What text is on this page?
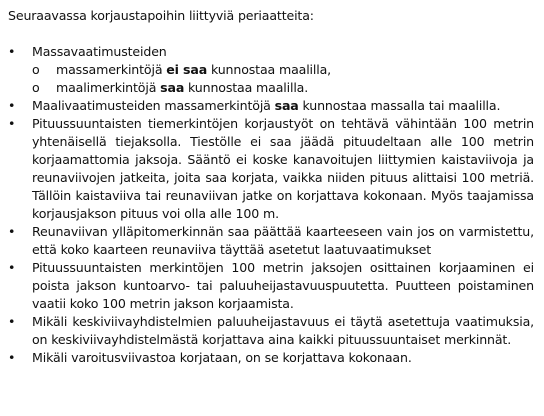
Seuraavassa korjaustapoihin liittyviä periaatteita:

•	Massavaatimusteiden
o massamerkintöjä ei saa kunnostaa maalilla,
o maalimerkintöjä saa kunnostaa maalilla.
•	Maalivaatimusteiden massamerkintöjä saa kunnostaa massalla tai maalilla.
•	Pituussuuntaisten tiemerkintöjen korjaustyöt on tehtävä vähintään 100 metrin yhtenäisellä tiejaksolla. Tiestölle ei saa jäädä pituudeltaan alle 100 metrin korjaamattomia jaksoja. Sääntö ei koske kanavoitujen liittymien kaistaviivoja ja reunaviivojen jatkeita, joita saa korjata, vaikka niiden pituus alittaisi 100 metriä. Tällöin kaistaviiva tai reunaviivan jatke on korjattava kokonaan. Myös taajamissa korjausjakson pituus voi olla alle 100 m.
•	Reunaviivan ylläpitomerkinnän saa päättää kaarteeseen vain jos on varmistettu, että koko kaarteen reunaviiva täyttää asetetut laatuvaatimukset
•	Pituussuuntaisten merkintöjen 100 metrin jaksojen osittainen korjaaminen ei poista jakson kuntoarvo- tai paluuheijastavuuspuutetta. Puutteen poistaminen vaatii koko 100 metrin jakson korjaamista.
•	Mikäli keskiviivayhdistelmien paluuheijastavuus ei täytä asetettuja vaatimuksia, on keskiviivayhdistelmästä korjattava aina kaikki pituussuuntaiset merkinnät.
•	Mikäli varoitusviivastoa korjataan, on se korjattava kokonaan.
